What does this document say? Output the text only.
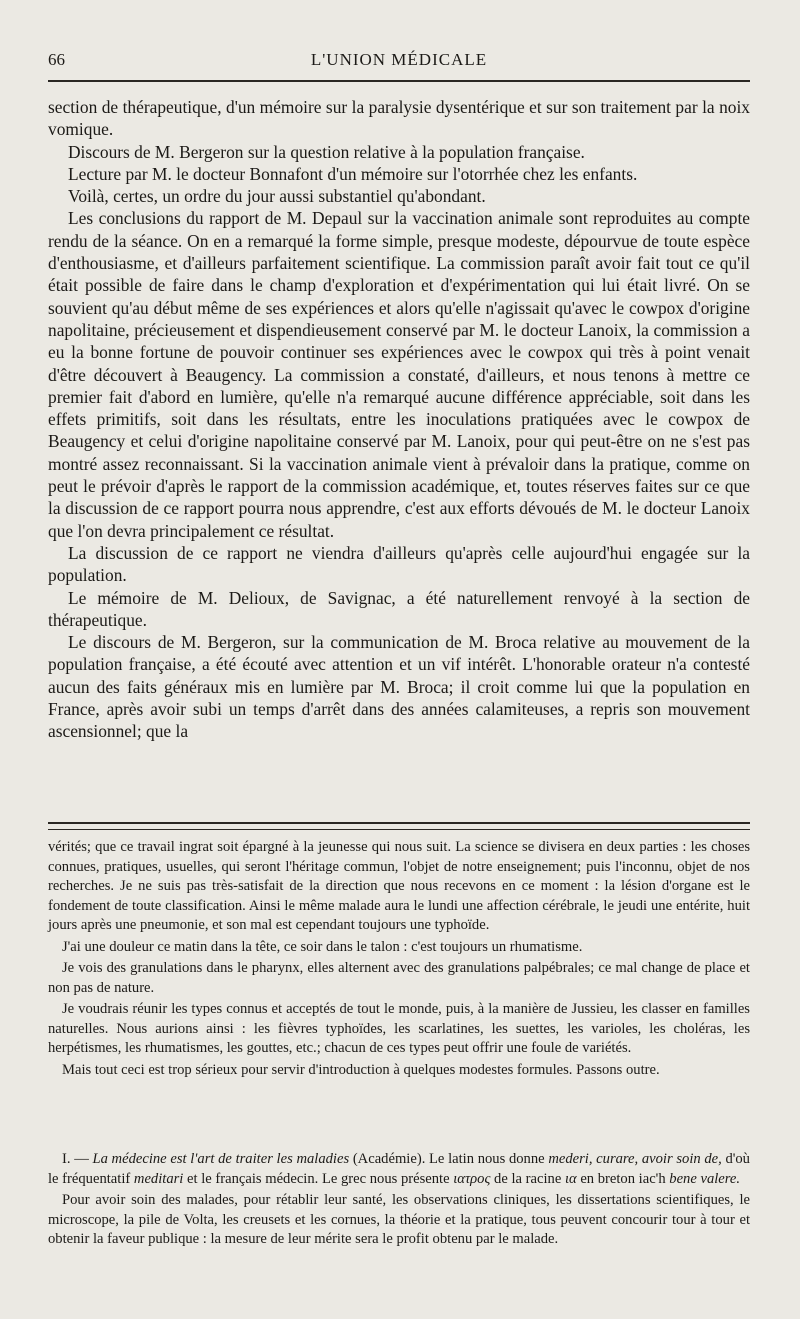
66	L'UNION MÉDICALE

section de thérapeutique, d'un mémoire sur la paralysie dysentérique et sur son traitement par la noix vomique.

Discours de M. Bergeron sur la question relative à la population française.

Lecture par M. le docteur Bonnafont d'un mémoire sur l'otorrhée chez les enfants.

Voilà, certes, un ordre du jour aussi substantiel qu'abondant.

Les conclusions du rapport de M. Depaul sur la vaccination animale sont reproduites au compte rendu de la séance. On en a remarqué la forme simple, presque modeste, dépourvue de toute espèce d'enthousiasme, et d'ailleurs parfaitement scientifique. La commission paraît avoir fait tout ce qu'il était possible de faire dans le champ d'exploration et d'expérimentation qui lui était livré. On se souvient qu'au début même de ses expériences et alors qu'elle n'agissait qu'avec le cowpox d'origine napolitaine, précieusement et dispendieusement conservé par M. le docteur Lanoix, la commission a eu la bonne fortune de pouvoir continuer ses expériences avec le cowpox qui très à point venait d'être découvert à Beaugency. La commission a constaté, d'ailleurs, et nous tenons à mettre ce premier fait d'abord en lumière, qu'elle n'a remarqué aucune différence appréciable, soit dans les effets primitifs, soit dans les résultats, entre les inoculations pratiquées avec le cowpox de Beaugency et celui d'origine napolitaine conservé par M. Lanoix, pour qui peut-être on ne s'est pas montré assez reconnaissant. Si la vaccination animale vient à prévaloir dans la pratique, comme on peut le prévoir d'après le rapport de la commission académique, et, toutes réserves faites sur ce que la discussion de ce rapport pourra nous apprendre, c'est aux efforts dévoués de M. le docteur Lanoix que l'on devra principalement ce résultat.

La discussion de ce rapport ne viendra d'ailleurs qu'après celle aujourd'hui engagée sur la population.

Le mémoire de M. Delioux, de Savignac, a été naturellement renvoyé à la section de thérapeutique.

Le discours de M. Bergeron, sur la communication de M. Broca relative au mouvement de la population française, a été écouté avec attention et un vif intérêt. L'honorable orateur n'a contesté aucun des faits généraux mis en lumière par M. Broca; il croit comme lui que la population en France, après avoir subi un temps d'arrêt dans des années calamiteuses, a repris son mouvement ascensionnel; que la

vérités; que ce travail ingrat soit épargné à la jeunesse qui nous suit. La science se divisera en deux parties : les choses connues, pratiques, usuelles, qui seront l'héritage commun, l'objet de notre enseignement; puis l'inconnu, objet de nos recherches. Je ne suis pas très-satisfait de la direction que nous recevons en ce moment : la lésion d'organe est le fondement de toute classification. Ainsi le même malade aura le lundi une affection cérébrale, le jeudi une entérite, huit jours après une pneumonie, et son mal est cependant toujours une typhoïde.

J'ai une douleur ce matin dans la tête, ce soir dans le talon : c'est toujours un rhumatisme.

Je vois des granulations dans le pharynx, elles alternent avec des granulations palpébrales; ce mal change de place et non pas de nature.

Je voudrais réunir les types connus et acceptés de tout le monde, puis, à la manière de Jussieu, les classer en familles naturelles. Nous aurions ainsi : les fièvres typhoïdes, les scarlatines, les suettes, les varioles, les choléras, les herpétismes, les rhumatismes, les gouttes, etc.; chacun de ces types peut offrir une foule de variétés.

Mais tout ceci est trop sérieux pour servir d'introduction à quelques modestes formules. Passons outre.

I. — La médecine est l'art de traiter les maladies (Académie). Le latin nous donne mederi, curare, avoir soin de, d'où le fréquentatif meditari et le français médecin. Le grec nous présente ιατρος de la racine ια en breton iac'h bene valere.

Pour avoir soin des malades, pour rétablir leur santé, les observations cliniques, les dissertations scientifiques, le microscope, la pile de Volta, les creusets et les cornues, la théorie et la pratique, tous peuvent concourir tour à tour et obtenir la faveur publique : la mesure de leur mérite sera le profit obtenu par le malade.
